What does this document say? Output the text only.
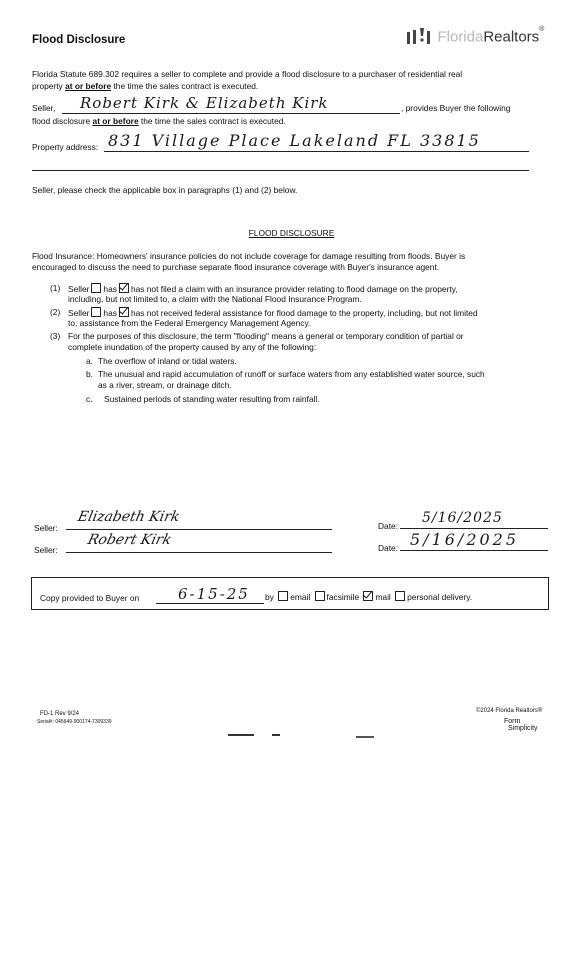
Flood Disclosure	FloridaRealtors®
Florida Statute 689.302 requires a seller to complete and provide a flood disclosure to a purchaser of residential real
property at or before the time the sales contract is executed.
Seller, Robert Kirk & Elizabeth Kirk	, provides Buyer the following
flood disclosure at or before the time the sales contract is executed.
Property address: 831 Village Place Lakeland FL 33815
Seller, please check the applicable box in paragraphs (1) and (2) below.
FLOOD DISCLOSURE
Flood Insurance: Homeowners' insurance policies do not include coverage for damage resulting from floods. Buyer is
encouraged to discuss the need to purchase separate flood insurance coverage with Buyer's insurance agent.
(1) Seller has has not filed a claim with an insurance provider relating to flood damage on the property,
including, but not limited to, a claim with the National Flood Insurance Program.
(2) Seller has has not received federal assistance for flood damage to the property, including, but not limited
to, assistance from the Federal Emergency Management Agency.
(3) For the purposes of this disclosure, the term "flooding" means a general or temporary condition of partial or
complete inundation of the property caused by any of the following:
a. The overflow of inland or tidal waters.
b. The unusual and rapid accumulation of runoff or surface waters from any established water source, such
as a river, stream, or drainage ditch.
c. Sustained periods of standing water resulting from rainfall.
Seller:
Elizabeth Kirk
Date: 5/16/2025
Seller:
Robert Kirk	Date: 5/16/2025
Copy provided to Buyer on	6-15-25 by email facsimile mail personal delivery.
FD-1 Rev 9/24
Serial#: 045649-900174-7309339
©2024 Florida Realtors®
Form
Simplicity
